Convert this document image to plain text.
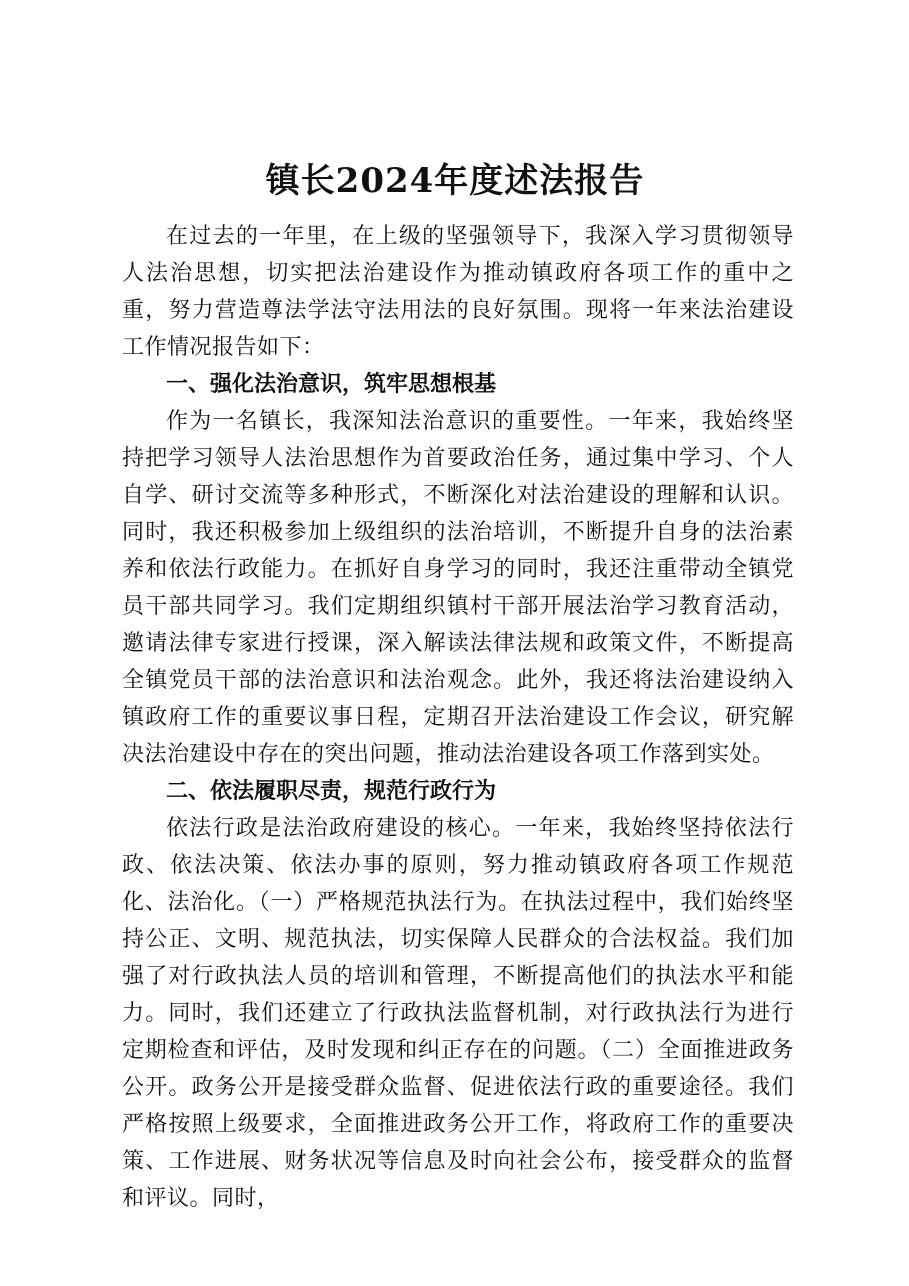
镇长2024年度述法报告

在过去的一年里，在上级的坚强领导下，我深入学习贯彻领导人法治思想，切实把法治建设作为推动镇政府各项工作的重中之重，努力营造尊法学法守法用法的良好氛围。现将一年来法治建设工作情况报告如下：

一、强化法治意识，筑牢思想根基

作为一名镇长，我深知法治意识的重要性。一年来，我始终坚持把学习领导人法治思想作为首要政治任务，通过集中学习、个人自学、研讨交流等多种形式，不断深化对法治建设的理解和认识。同时，我还积极参加上级组织的法治培训，不断提升自身的法治素养和依法行政能力。在抓好自身学习的同时，我还注重带动全镇党员干部共同学习。我们定期组织镇村干部开展法治学习教育活动，邀请法律专家进行授课，深入解读法律法规和政策文件，不断提高全镇党员干部的法治意识和法治观念。此外，我还将法治建设纳入镇政府工作的重要议事日程，定期召开法治建设工作会议，研究解决法治建设中存在的突出问题，推动法治建设各项工作落到实处。

二、依法履职尽责，规范行政行为

依法行政是法治政府建设的核心。一年来，我始终坚持依法行政、依法决策、依法办事的原则，努力推动镇政府各项工作规范化、法治化。（一）严格规范执法行为。在执法过程中，我们始终坚持公正、文明、规范执法，切实保障人民群众的合法权益。我们加强了对行政执法人员的培训和管理，不断提高他们的执法水平和能力。同时，我们还建立了行政执法监督机制，对行政执法行为进行定期检查和评估，及时发现和纠正存在的问题。（二）全面推进政务公开。政务公开是接受群众监督、促进依法行政的重要途径。我们严格按照上级要求，全面推进政务公开工作，将政府工作的重要决策、工作进展、财务状况等信息及时向社会公布，接受群众的监督和评议。同时，
